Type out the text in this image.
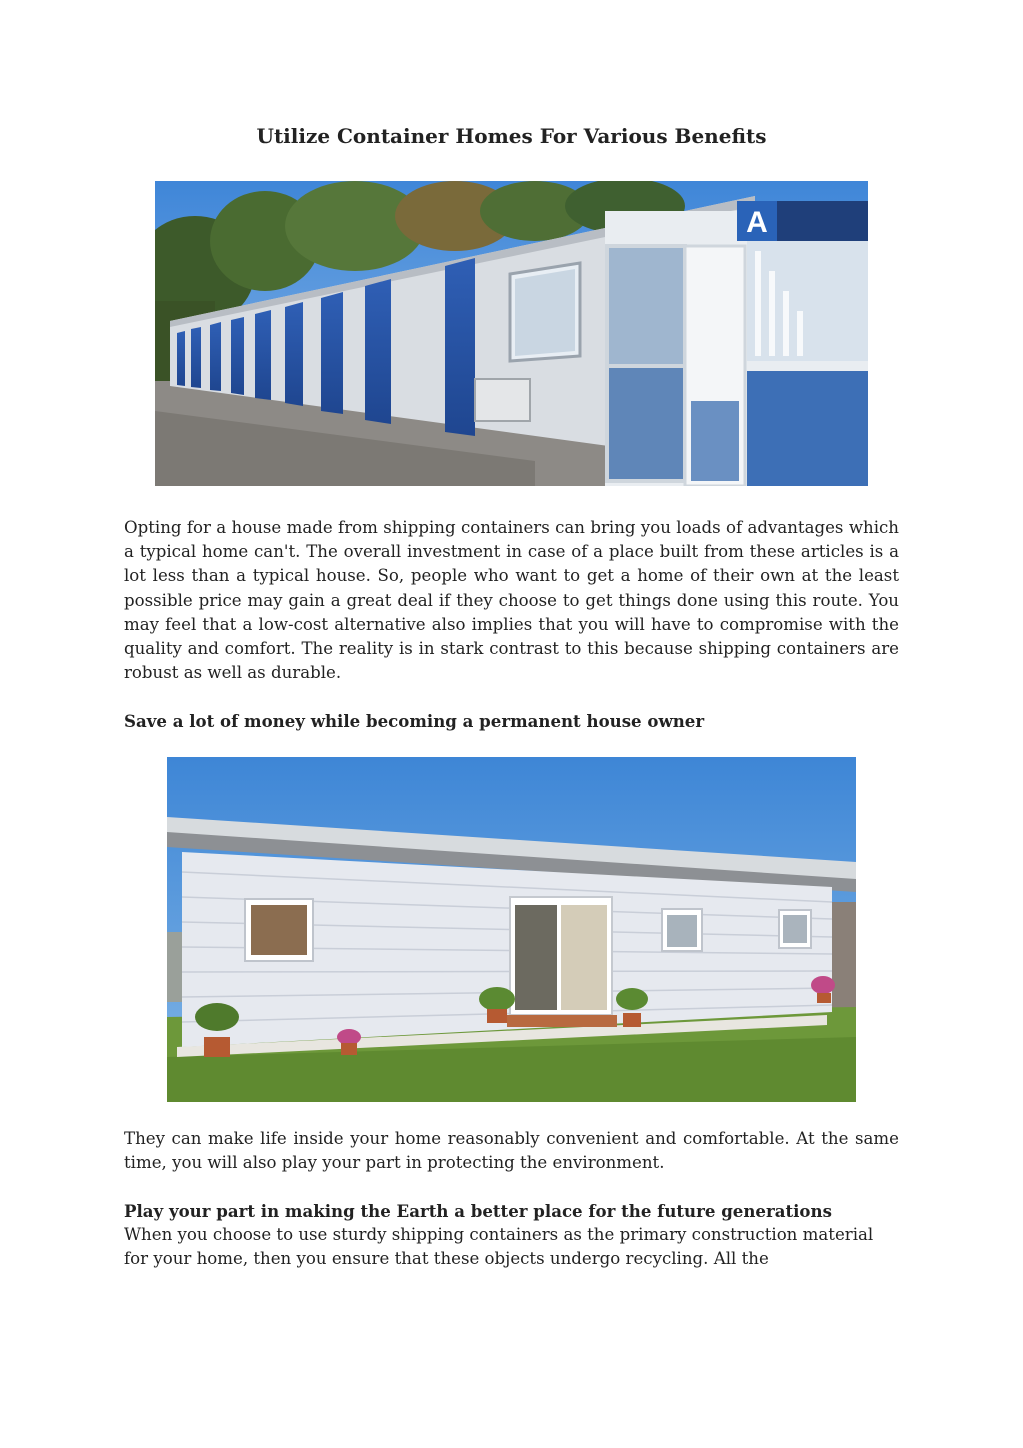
Utilize Container Homes For Various Benefits
A

Opting for a house made from shipping containers can bring you loads of advantages which a typical home can't. The overall investment in case of a place built from these articles is a lot less than a typical house. So, people who want to get a home of their own at the least possible price may gain a great deal if they choose to get things done using this route. You may feel that a low-cost alternative also implies that you will have to compromise with the quality and comfort. The reality is in stark contrast to this because shipping containers are robust as well as durable.

Save a lot of money while becoming a permanent house owner

They can make life inside your home reasonably convenient and comfortable. At the same time, you will also play your part in protecting the environment.

Play your part in making the Earth a better place for the future generations

When you choose to use sturdy shipping containers as the primary construction material for your home, then you ensure that these objects undergo recycling. All the
